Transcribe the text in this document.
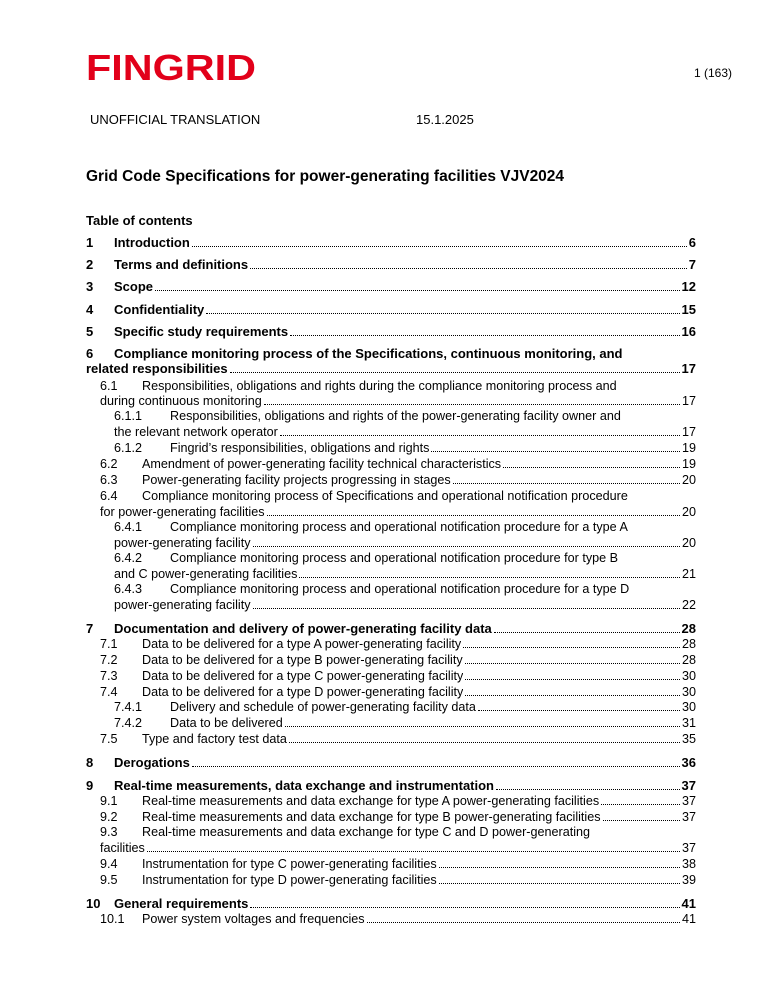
FINGRID	1 (163)
UNOFFICIAL TRANSLATION	15.1.2025
Grid Code Specifications for power-generating facilities VJV2024
Table of contents
1	Introduction	6
2	Terms and definitions	7
3	Scope	12
4	Confidentiality	15
5	Specific study requirements	16
6	Compliance monitoring process of the Specifications, continuous monitoring, and
related responsibilities	17
6.1	Responsibilities, obligations and rights during the compliance monitoring process and
during continuous monitoring	17
6.1.1	Responsibilities, obligations and rights of the power-generating facility owner and
the relevant network operator	17
6.1.2	Fingrid’s responsibilities, obligations and rights	19
6.2	Amendment of power-generating facility technical characteristics	19
6.3	Power-generating facility projects progressing in stages	20
6.4	Compliance monitoring process of Specifications and operational notification procedure
for power-generating facilities	20
6.4.1	Compliance monitoring process and operational notification procedure for a type A
power-generating facility	20
6.4.2	Compliance monitoring process and operational notification procedure for type B
and C power-generating facilities	21
6.4.3	Compliance monitoring process and operational notification procedure for a type D
power-generating facility	22
7	Documentation and delivery of power-generating facility data	28
7.1	Data to be delivered for a type A power-generating facility	28
7.2	Data to be delivered for a type B power-generating facility	28
7.3	Data to be delivered for a type C power-generating facility	30
7.4	Data to be delivered for a type D power-generating facility	30
7.4.1	Delivery and schedule of power-generating facility data	30
7.4.2	Data to be delivered	31
7.5	Type and factory test data	35
8	Derogations	36
9	Real-time measurements, data exchange and instrumentation	37
9.1	Real-time measurements and data exchange for type A power-generating facilities	37
9.2	Real-time measurements and data exchange for type B power-generating facilities	37
9.3	Real-time measurements and data exchange for type C and D power-generating
facilities	37
9.4	Instrumentation for type C power-generating facilities	38
9.5	Instrumentation for type D power-generating facilities	39
10	General requirements	41
10.1	Power system voltages and frequencies	41
